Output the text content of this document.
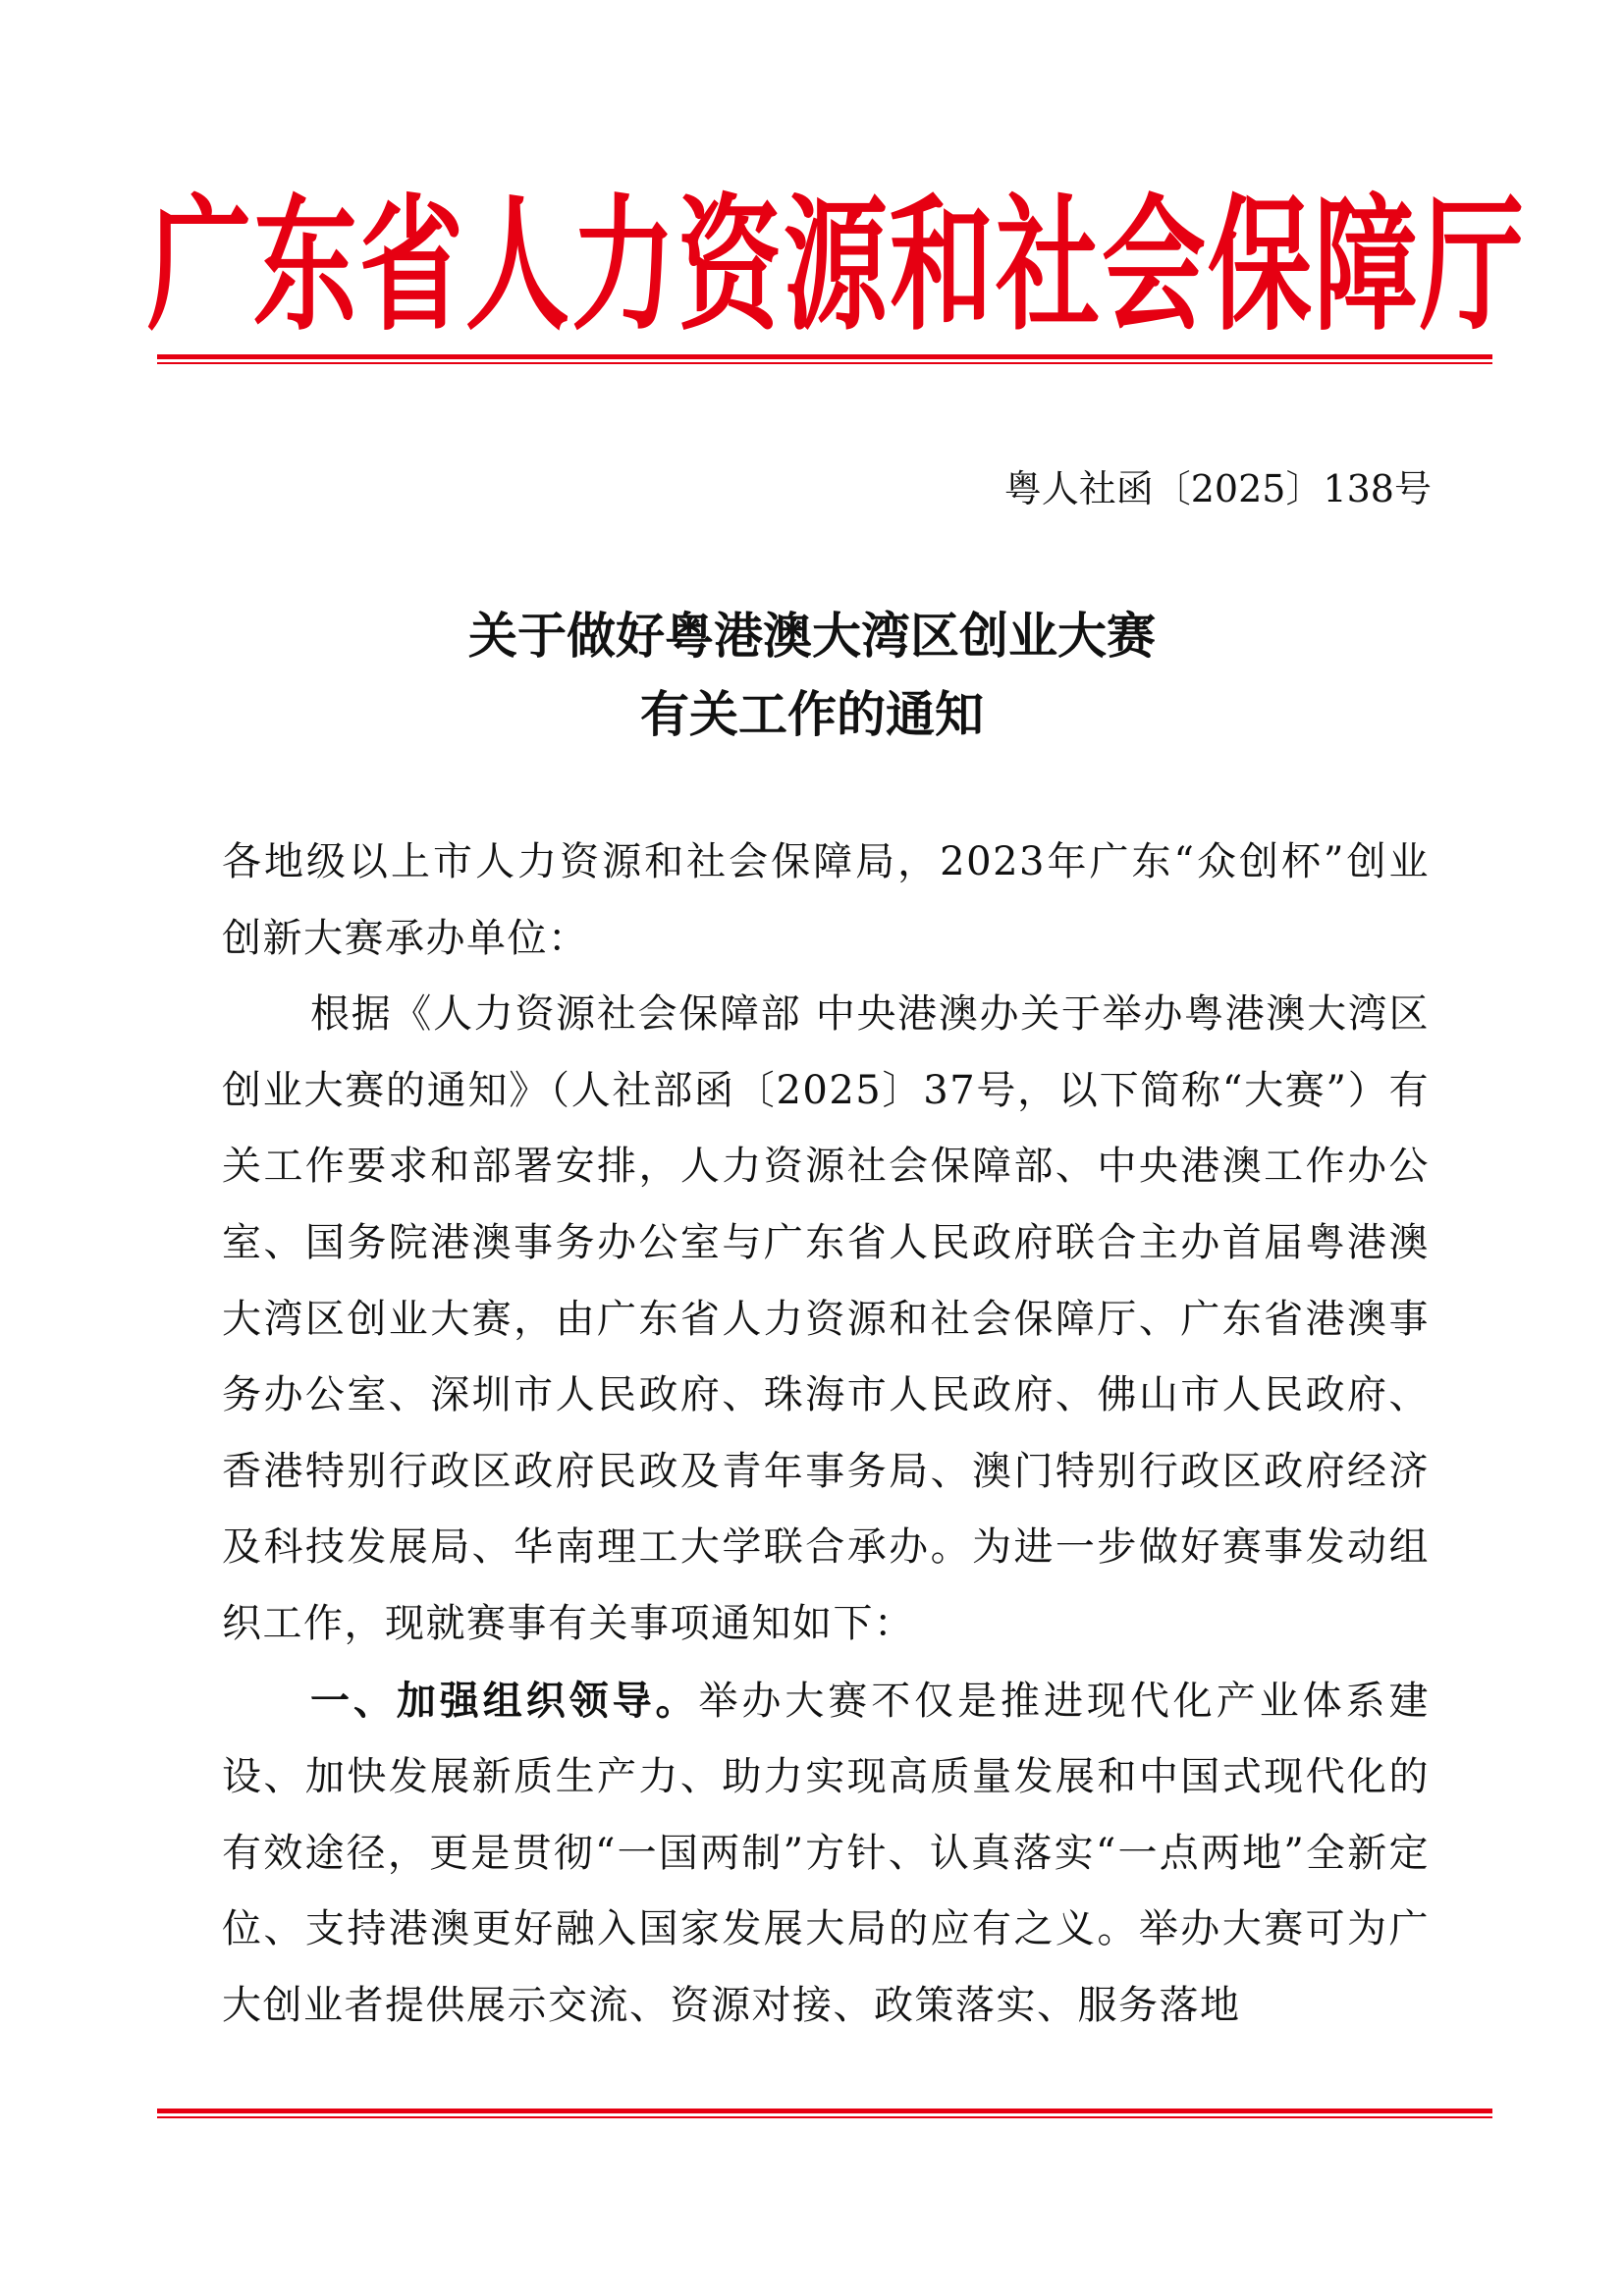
广东省人力资源和社会保障厅
粤人社函〔2025〕138号
关于做好粤港澳大湾区创业大赛
有关工作的通知

各地级以上市人力资源和社会保障局，2023年广东“众创杯”创业创新大赛承办单位：

根据《人力资源社会保障部 中央港澳办关于举办粤港澳大湾区创业大赛的通知》（人社部函〔2025〕37号，以下简称“大赛”）有关工作要求和部署安排，人力资源社会保障部、中央港澳工作办公室、国务院港澳事务办公室与广东省人民政府联合主办首届粤港澳大湾区创业大赛，由广东省人力资源和社会保障厅、广东省港澳事务办公室、深圳市人民政府、珠海市人民政府、佛山市人民政府、香港特别行政区政府民政及青年事务局、澳门特别行政区政府经济及科技发展局、华南理工大学联合承办。为进一步做好赛事发动组织工作，现就赛事有关事项通知如下：

一、加强组织领导。举办大赛不仅是推进现代化产业体系建设、加快发展新质生产力、助力实现高质量发展和中国式现代化的有效途径，更是贯彻“一国两制”方针、认真落实“一点两地”全新定位、支持港澳更好融入国家发展大局的应有之义。举办大赛可为广大创业者提供展示交流、资源对接、政策落实、服务落地
